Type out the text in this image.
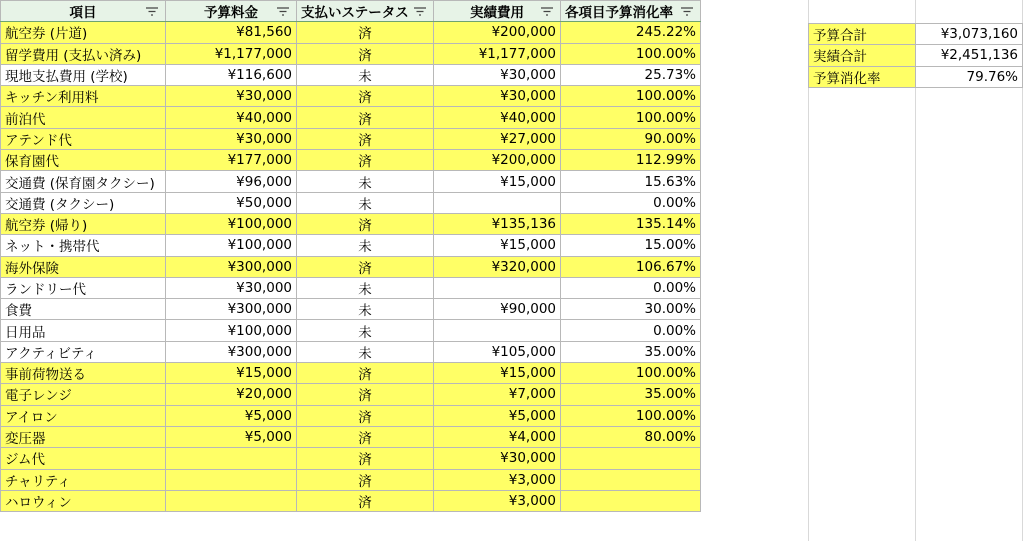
項目	予算料金	支払いステータス	実績費用	各項目予算消化率

航空券 (片道)	¥81,560	済	¥200,000	245.22%
留学費用 (支払い済み)	¥1,177,000	済	¥1,177,000	100.00%
現地支払費用 (学校)	¥116,600	未	¥30,000	25.73%
キッチン利用料	¥30,000	済	¥30,000	100.00%
前泊代	¥40,000	済	¥40,000	100.00%
アテンド代	¥30,000	済	¥27,000	90.00%
保育園代	¥177,000	済	¥200,000	112.99%
交通費 (保育園タクシー)	¥96,000	未	¥15,000	15.63%
交通費 (タクシー)	¥50,000	未		0.00%
航空券 (帰り)	¥100,000	済	¥135,136	135.14%
ネット・携帯代	¥100,000	未	¥15,000	15.00%
海外保険	¥300,000	済	¥320,000	106.67%
ランドリー代	¥30,000	未		0.00%
食費	¥300,000	未	¥90,000	30.00%
日用品	¥100,000	未		0.00%
アクティビティ	¥300,000	未	¥105,000	35.00%
事前荷物送る	¥15,000	済	¥15,000	100.00%
電子レンジ	¥20,000	済	¥7,000	35.00%
アイロン	¥5,000	済	¥5,000	100.00%
変圧器	¥5,000	済	¥4,000	80.00%
ジム代		済	¥30,000	
チャリティ		済	¥3,000	
ハロウィン		済	¥3,000	
予算合計	¥3,073,160
実績合計	¥2,451,136
予算消化率	79.76%
